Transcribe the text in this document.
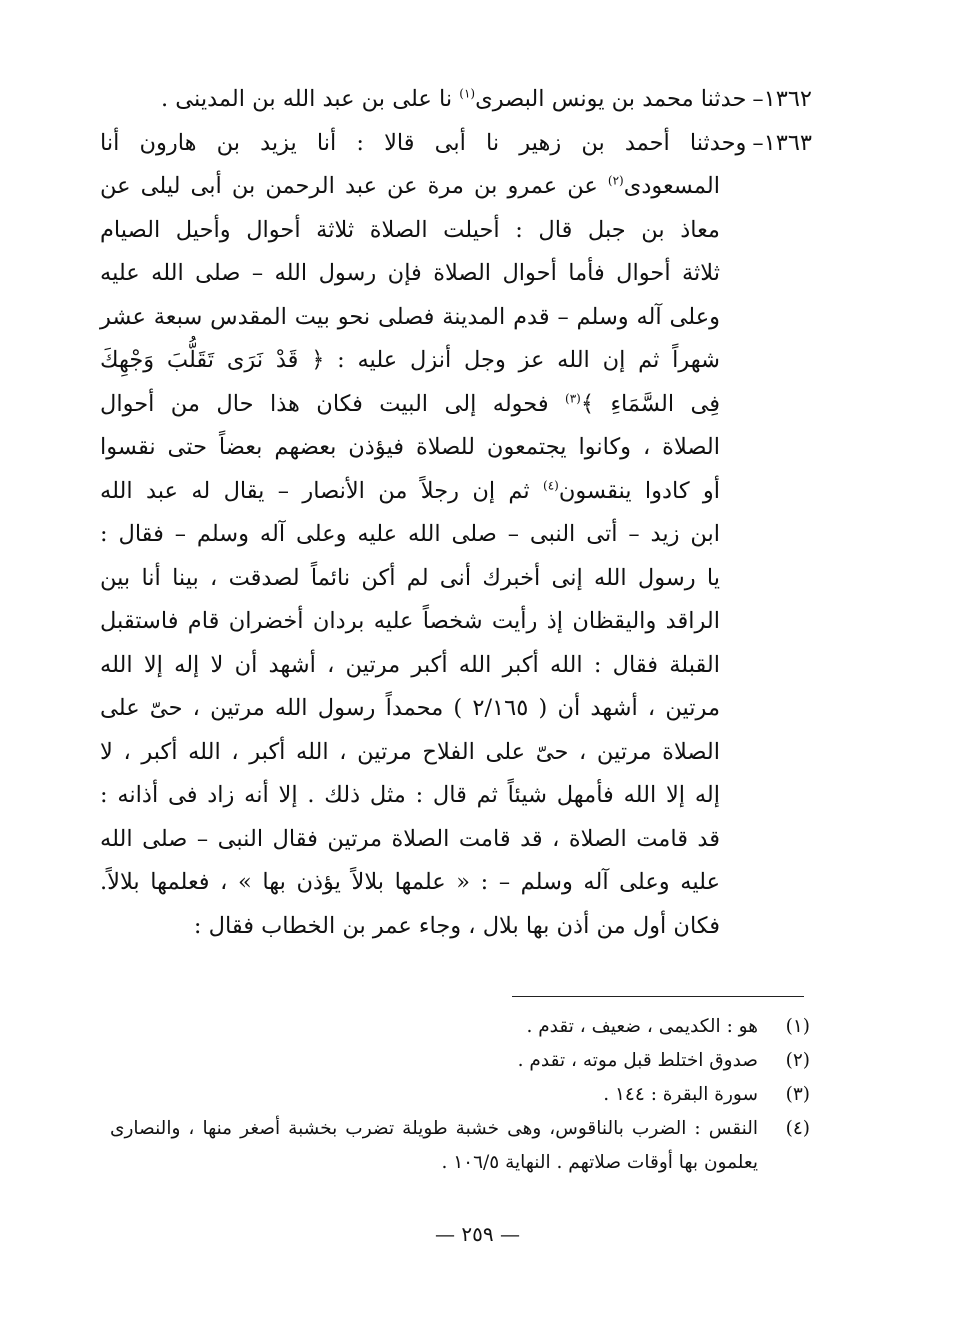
١٣٦٢–حدثنا محمد بن يونس البصرى$^{(١)}$ نا على بن عبد الله بن المدينى .
١٣٦٣–وحدثنا أحمد بن زهير نا أبى قالا : أنا يزيد بن هارون أنا
المسعودى$^{(٢)}$ عن عمرو بن مرة عن عبد الرحمن بن أبى ليلى عن
معاذ بن جبل قال : أحيلت الصلاة ثلاثة أحوال وأحيل الصيام
ثلاثة أحوال فأما أحوال الصلاة فإن رسول الله – صلى الله عليه
وعلى آله وسلم – قدم المدينة فصلى نحو بيت المقدس سبعة عشر
شهراً ثم إن الله عز وجل أنزل عليه : ﴿ قَدْ نَرَى تَقَلُّبَ وَجْهِكَ
فِى السَّمَاءِ ﴾$^{(٣)}$ فحوله إلى البيت فكان هذا حال من أحوال
الصلاة ، وكانوا يجتمعون للصلاة فيؤذن بعضهم بعضاً حتى نقسوا
أو كادوا ينقسون$^{(٤)}$ ثم إن رجلاً من الأنصار – يقال له عبد الله
ابن زيد – أتى النبى – صلى الله عليه وعلى آله وسلم – فقال :
يا رسول الله إنى أخبرك أنى لم أكن نائماً لصدقت ، بينا أنا بين
الراقد واليقظان إذ رأيت شخصاً عليه بردان أخضران قام فاستقبل
القبلة فقال : الله أكبر الله أكبر مرتين ، أشهد أن لا إله إلا الله
مرتين ، أشهد أن ( ٢/١٦٥ ) محمداً رسول الله مرتين ، حىّ على
الصلاة مرتين ، حىّ على الفلاح مرتين ، الله أكبر ، الله أكبر ، لا
إله إلا الله فأمهل شيئاً ثم قال : مثل ذلك . إلا أنه زاد فى أذانه :
قد قامت الصلاة ، قد قامت الصلاة مرتين فقال النبى – صلى الله
عليه وعلى آله وسلم – : « علمها بلالاً يؤذن بها » ، فعلمها بلالاً.
فكان أول من أذن بها بلال ، وجاء عمر بن الخطاب فقال :
(١)
هو : الكديمى ، ضعيف ، تقدم .
(٢)
صدوق اختلط قبل موته ، تقدم .
(٣)
سورة البقرة : ١٤٤ .
(٤)
النقس : الضرب بالناقوس، وهى خشبة طويلة تضرب بخشبة أصغر منها ، والنصارى يعلمون بها أوقات صلاتهم . النهاية ١٠٦/٥ .
— ٢٥٩ —
